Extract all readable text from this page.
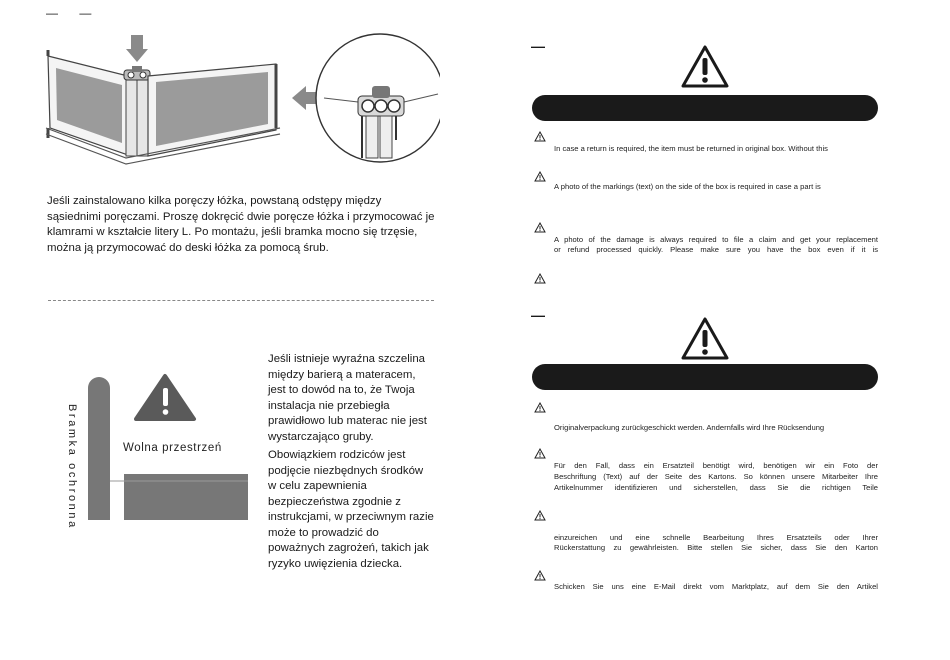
— —
Jeśli zainstalowano kilka poręczy łóżka, powstaną odstępy między
sąsiednimi poręczami. Proszę dokręcić dwie poręcze łóżka i przymocować je
klamrami w kształcie litery L. Po montażu, jeśli bramka mocno się trzęsie,
można ją przymocować do deski łóżka za pomocą śrub.
Bramka ochronna	Wolna przestrzeń
Jeśli istnieje wyraźna szczelina
między barierą a materacem,
jest to dowód na to, że Twoja
instalacja nie przebiegła
prawidłowo lub materac nie jest
wystarczająco gruby.
Obowiązkiem rodziców jest
podjęcie niezbędnych środków
w celu zapewnienia
bezpieczeństwa zgodnie z
instrukcjami, w przeciwnym razie
może to prowadzić do
poważnych zagrożeń, takich jak
ryzyko uwięzienia dziecka.
—
In case a return is required, the item must be returned in original box. Without this
A photo of the markings (text) on the side of the box is required in case a part is
A photo of the damage is always required to file a claim and get your replacement
or refund processed quickly. Please make sure you have the box even if it is
—
Originalverpackung zurückgeschickt werden. Andernfalls wird Ihre Rücksendung
Für den Fall, dass ein Ersatzteil benötigt wird, benötigen wir ein Foto der
Beschriftung (Text) auf der Seite des Kartons. So können unsere Mitarbeiter Ihre
Artikelnummer identifizieren und sicherstellen, dass Sie die richtigen Teile
einzureichen und eine schnelle Bearbeitung Ihres Ersatzteils oder Ihrer
Rückerstattung zu gewährleisten. Bitte stellen Sie sicher, dass Sie den Karton
Schicken Sie uns eine E-Mail direkt vom Marktplatz, auf dem Sie den Artikel
